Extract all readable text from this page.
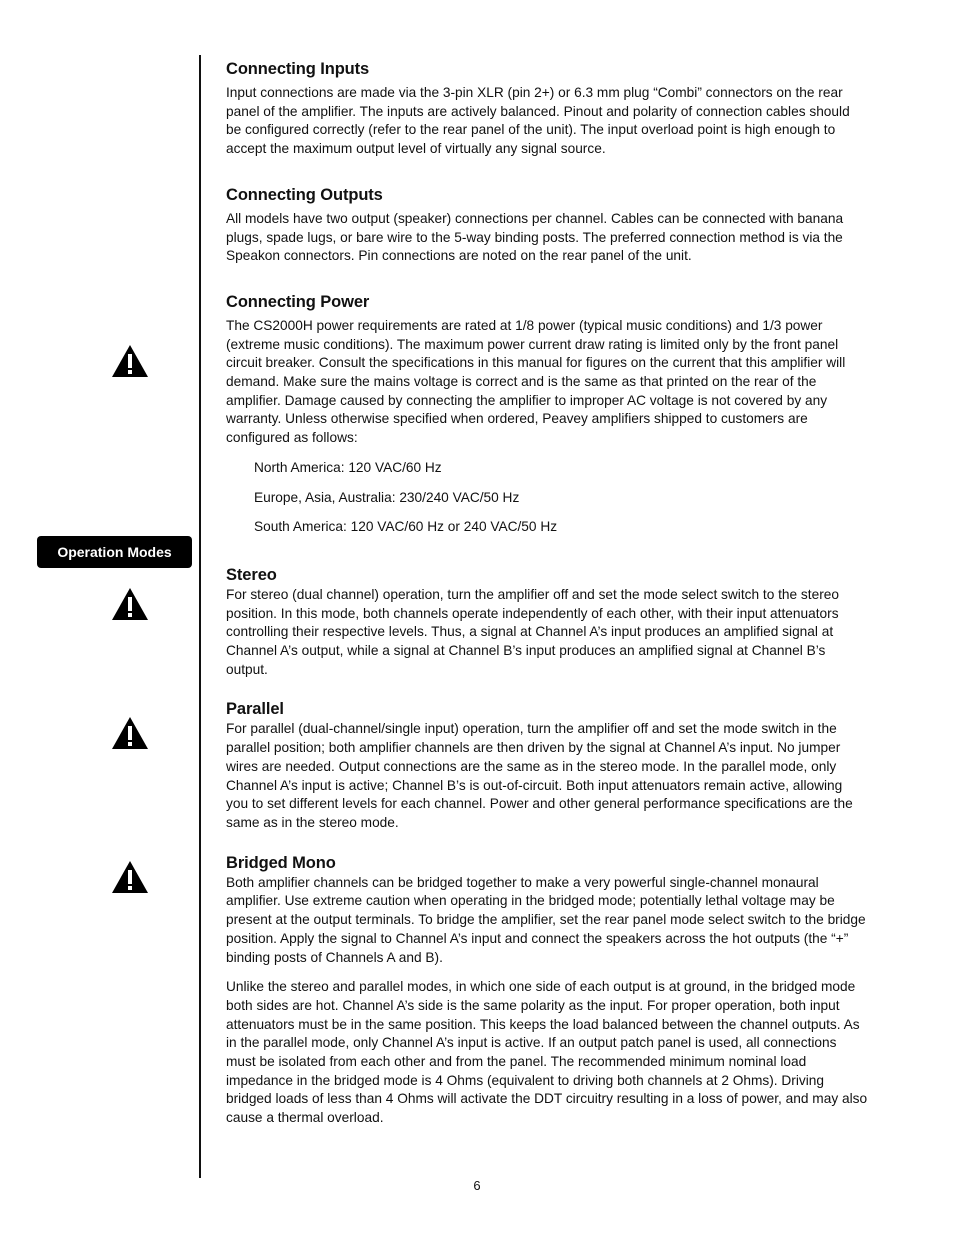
Operation Modes
Connecting Inputs

Input connections are made via the 3-pin XLR (pin 2+) or 6.3 mm plug “Combi” connectors on the rear panel of the amplifier. The inputs are actively balanced. Pinout and polarity of connection cables should be configured correctly (refer to the rear panel of the unit). The input overload point is high enough to accept the maximum output level of virtually any signal source.

Connecting Outputs

All models have two output (speaker) connections per channel. Cables can be connected with banana plugs, spade lugs, or bare wire to the 5-way binding posts. The preferred connection method is via the Speakon connectors. Pin connections are noted on the rear panel of the unit.

Connecting Power

The CS2000H power requirements are rated at 1/8 power (typical music conditions) and 1/3 power (extreme music conditions). The maximum power current draw rating is limited only by the front panel circuit breaker. Consult the specifications in this manual for figures on the current that this amplifier will demand. Make sure the mains voltage is correct and is the same as that printed on the rear of the amplifier. Damage caused by connecting the amplifier to improper AC voltage is not covered by any warranty. Unless otherwise specified when ordered, Peavey amplifiers shipped to customers are configured as follows:

North America: 120 VAC/60 Hz

Europe, Asia, Australia: 230/240 VAC/50 Hz

South America: 120 VAC/60 Hz or 240 VAC/50 Hz

Stereo

For stereo (dual channel) operation, turn the amplifier off and set the mode select switch to the stereo position. In this mode, both channels operate independently of each other, with their input attenuators controlling their respective levels. Thus, a signal at Channel A’s input produces an amplified signal at Channel A’s output, while a signal at Channel B’s input produces an amplified signal at Channel B’s output.

Parallel

For parallel (dual-channel/single input) operation, turn the amplifier off and set the mode switch in the parallel position; both amplifier channels are then driven by the signal at Channel A’s input. No jumper wires are needed. Output connections are the same as in the stereo mode. In the parallel mode, only Channel A’s input is active; Channel B’s is out-of-circuit. Both input attenuators remain active, allowing you to set different levels for each channel. Power and other general performance specifications are the same as in the stereo mode.

Bridged Mono

Both amplifier channels can be bridged together to make a very powerful single-channel monaural amplifier. Use extreme caution when operating in the bridged mode; potentially lethal voltage may be present at the output terminals. To bridge the amplifier, set the rear panel mode select switch to the bridge position. Apply the signal to Channel A’s input and connect the speakers across the hot outputs (the “+” binding posts of Channels A and B).

Unlike the stereo and parallel modes, in which one side of each output is at ground, in the bridged mode both sides are hot. Channel A’s side is the same polarity as the input. For proper operation, both input attenuators must be in the same position. This keeps the load balanced between the channel outputs. As in the parallel mode, only Channel A’s input is active. If an output patch panel is used, all connections must be isolated from each other and from the panel. The recommended minimum nominal load impedance in the bridged mode is 4 Ohms (equivalent to driving both channels at 2 Ohms). Driving bridged loads of less than 4 Ohms will activate the DDT circuitry resulting in a loss of power, and may also cause a thermal overload.

6
